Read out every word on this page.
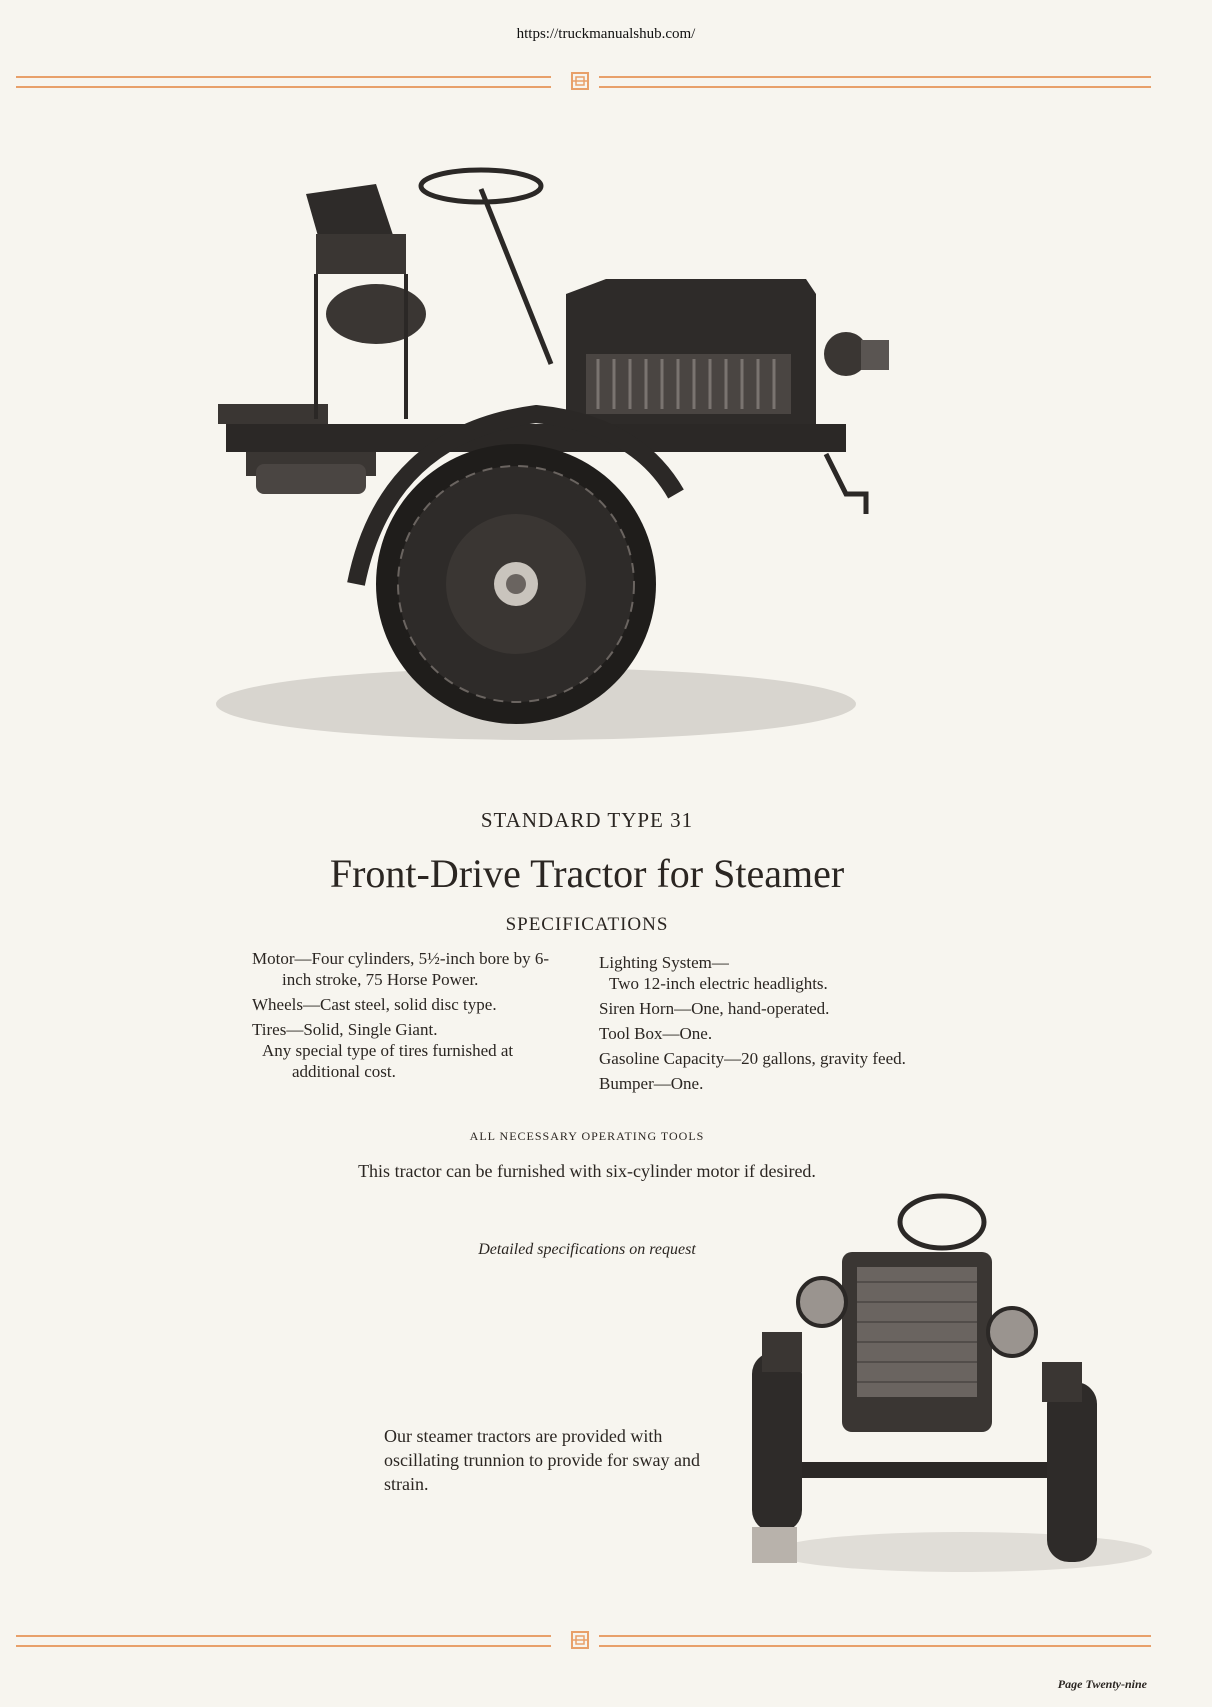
https://truckmanualshub.com/
STANDARD TYPE 31
Front-Drive Tractor for Steamer
SPECIFICATIONS

Motor—Four cylinders, 5½-inch bore by 6-inch stroke, 75 Horse Power.

Wheels—Cast steel, solid disc type.

Tires—Solid, Single Giant.
Any special type of tires furnished at additional cost.

Lighting System—
Two 12-inch electric headlights.

Siren Horn—One, hand-operated.

Tool Box—One.

Gasoline Capacity—20 gallons, gravity feed.

Bumper—One.

ALL NECESSARY OPERATING TOOLS
This tractor can be furnished with six-cylinder motor if desired.
Detailed specifications on request
Our steamer tractors are provided with oscillating trunnion to provide for sway and strain.
Page Twenty-nine
